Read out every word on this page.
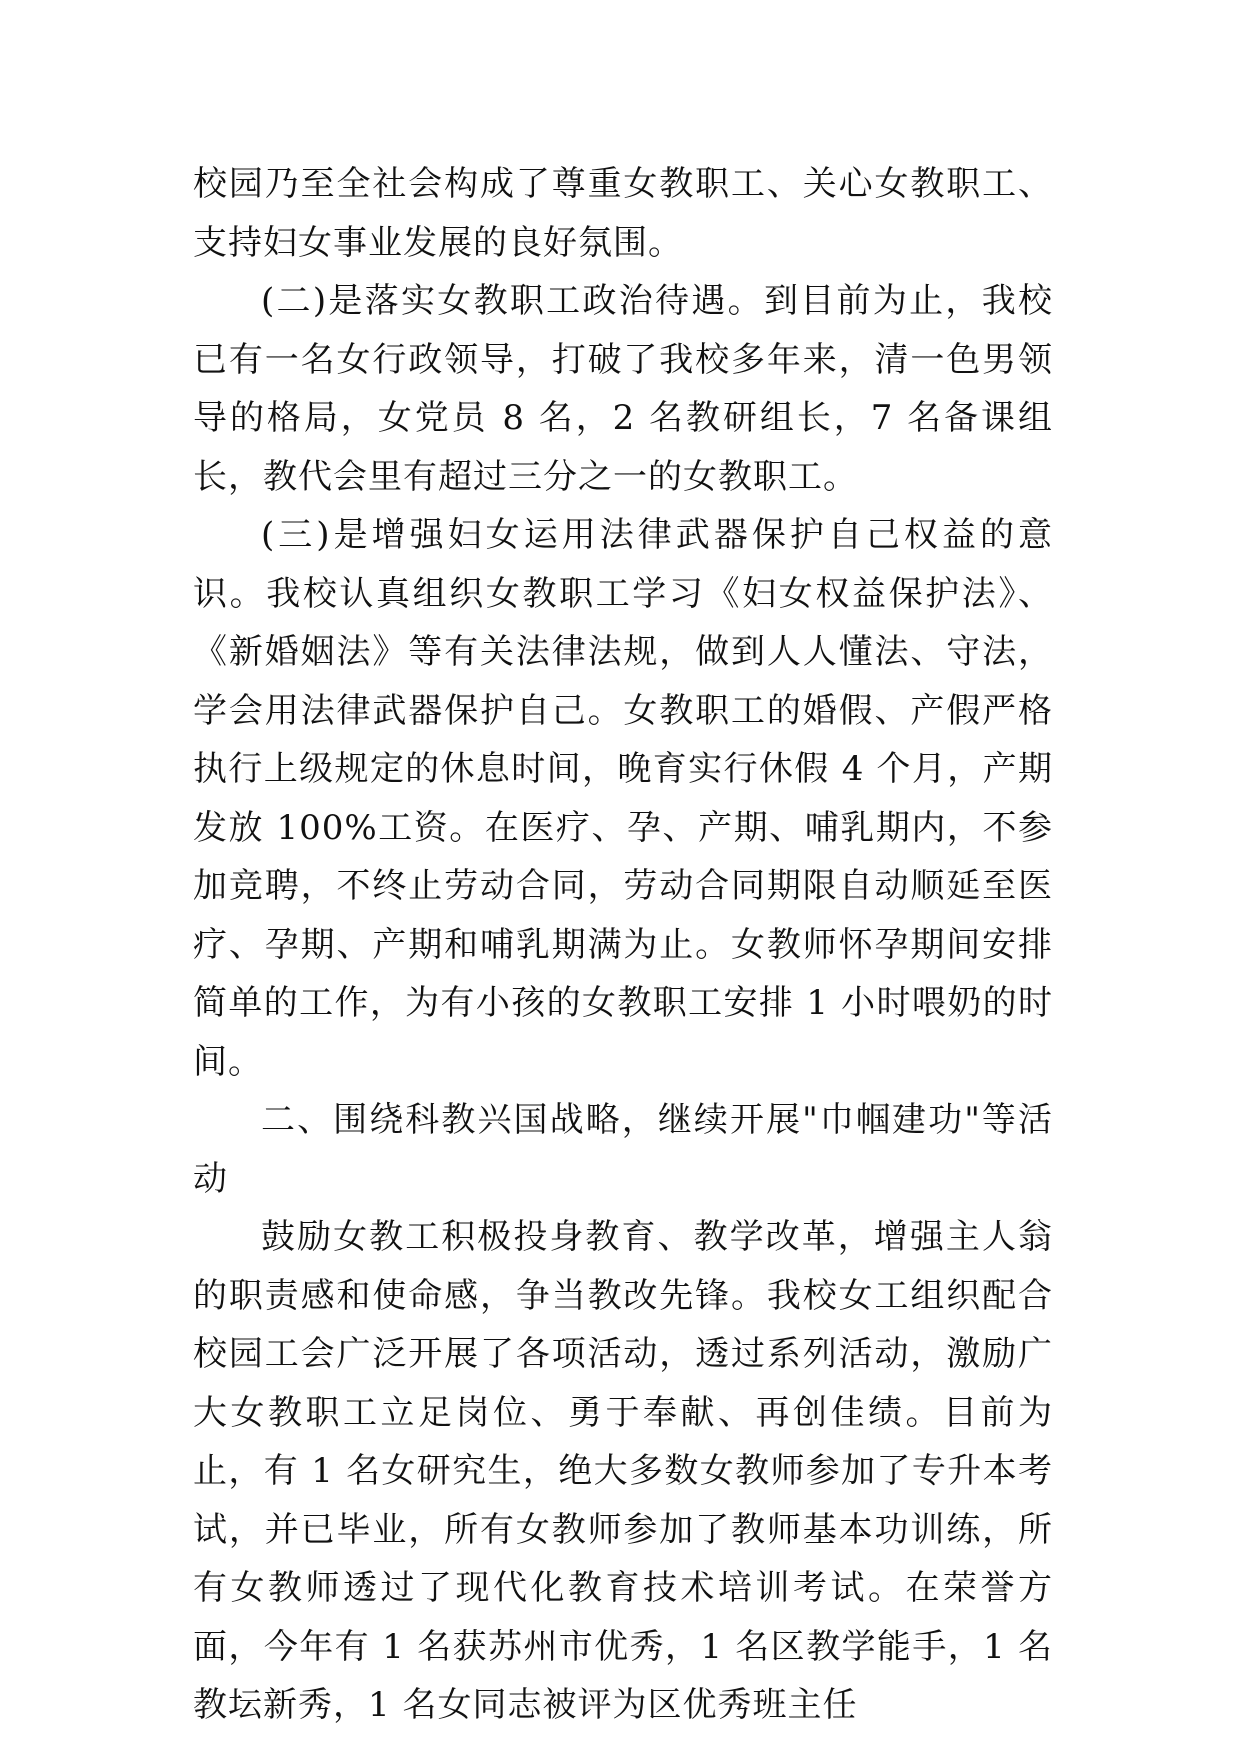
校园乃至全社会构成了尊重女教职工、关心女教职工、支持妇女事业发展的良好氛围。

(二)是落实女教职工政治待遇。到目前为止，我校已有一名女行政领导，打破了我校多年来，清一色男领导的格局，女党员 8 名，2 名教研组长，7 名备课组长，教代会里有超过三分之一的女教职工。

(三)是增强妇女运用法律武器保护自己权益的意识。我校认真组织女教职工学习《妇女权益保护法》、《新婚姻法》等有关法律法规，做到人人懂法、守法，学会用法律武器保护自己。女教职工的婚假、产假严格执行上级规定的休息时间，晚育实行休假 4 个月，产期发放 100%工资。在医疗、孕、产期、哺乳期内，不参加竞聘，不终止劳动合同，劳动合同期限自动顺延至医疗、孕期、产期和哺乳期满为止。女教师怀孕期间安排简单的工作，为有小孩的女教职工安排 1 小时喂奶的时间。

二、围绕科教兴国战略，继续开展"巾帼建功"等活动

鼓励女教工积极投身教育、教学改革，增强主人翁的职责感和使命感，争当教改先锋。我校女工组织配合校园工会广泛开展了各项活动，透过系列活动，激励广大女教职工立足岗位、勇于奉献、再创佳绩。目前为止，有 1 名女研究生，绝大多数女教师参加了专升本考试，并已毕业，所有女教师参加了教师基本功训练，所有女教师透过了现代化教育技术培训考试。在荣誉方面，今年有 1 名获苏州市优秀，1 名区教学能手，1 名教坛新秀，1 名女同志被评为区优秀班主任
